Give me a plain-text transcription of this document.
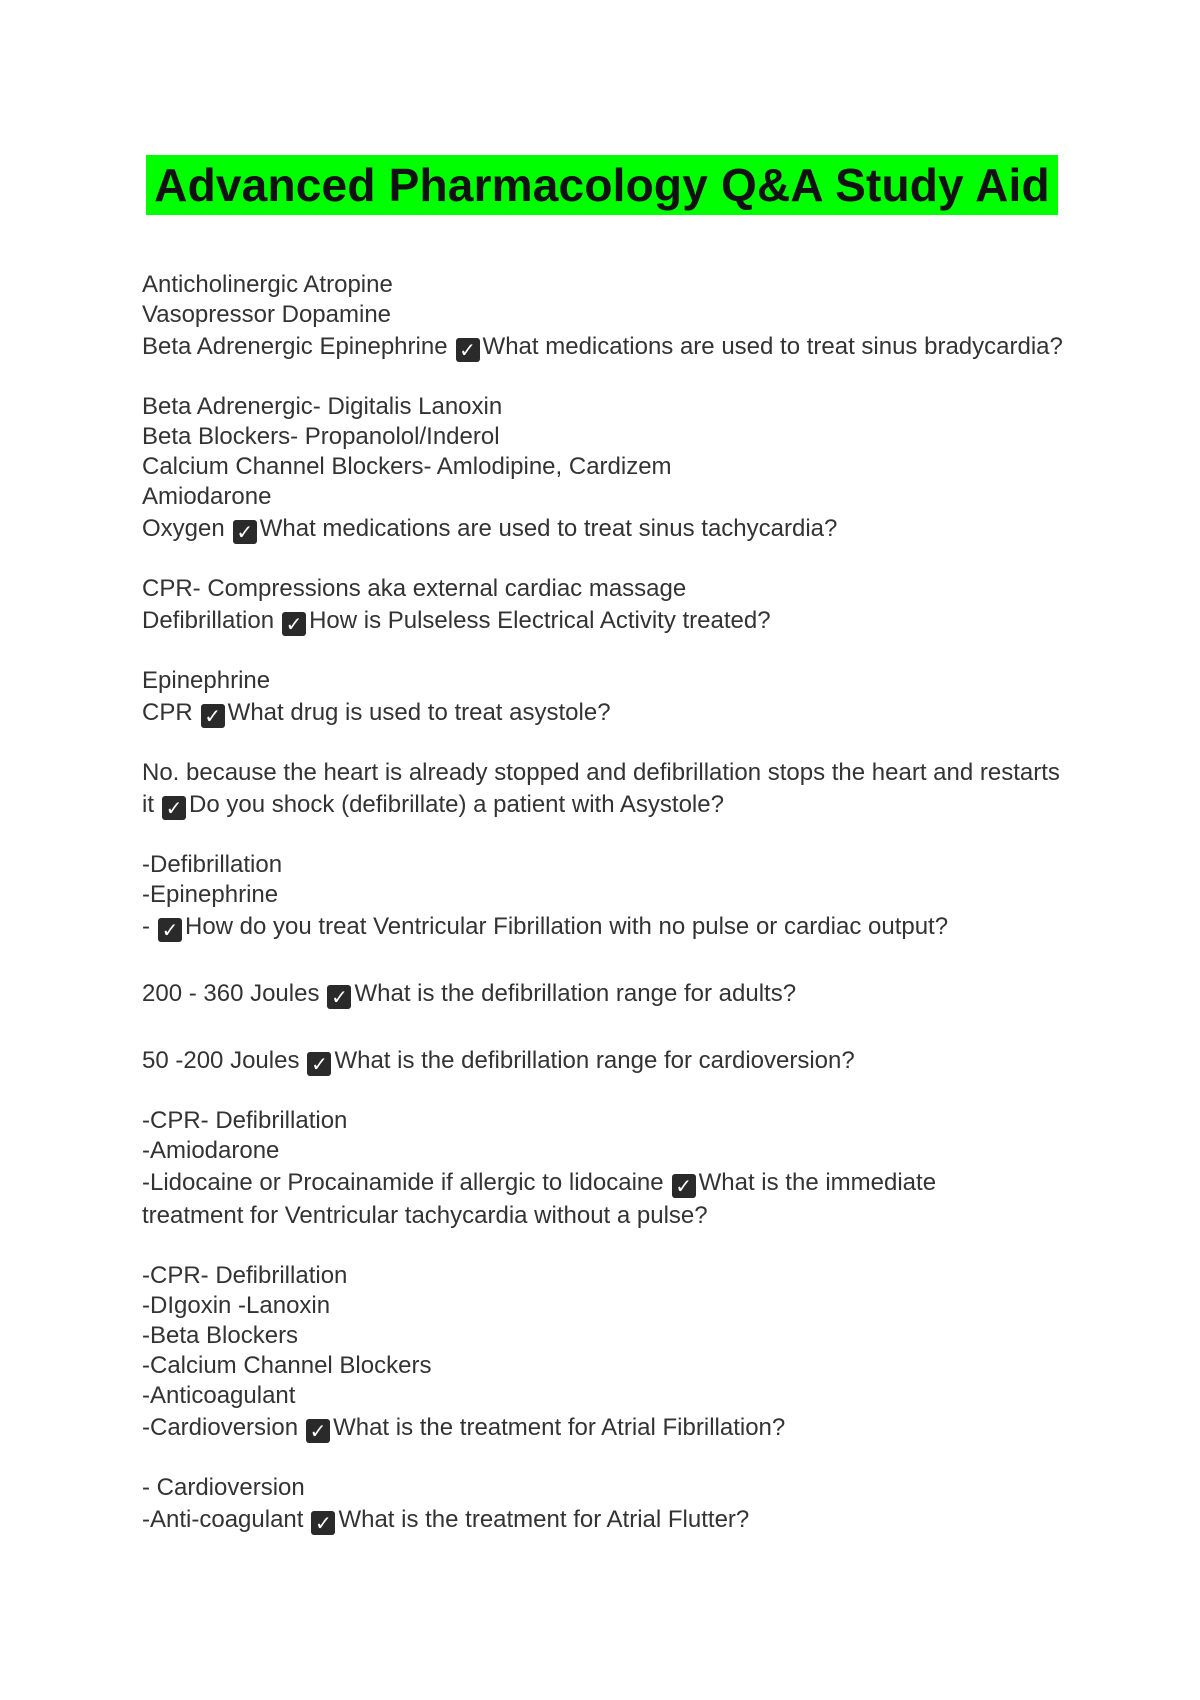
Advanced Pharmacology Q&A Study Aid
Anticholinergic Atropine
Vasopressor Dopamine
Beta Adrenergic Epinephrine ✓ What medications are used to treat sinus bradycardia?
Beta Adrenergic- Digitalis Lanoxin
Beta Blockers- Propanolol/Inderol
Calcium Channel Blockers- Amlodipine, Cardizem
Amiodarone
Oxygen ✓ What medications are used to treat sinus tachycardia?
CPR- Compressions aka external cardiac massage
Defibrillation ✓ How is Pulseless Electrical Activity treated?
Epinephrine
CPR ✓ What drug is used to treat asystole?
No. because the heart is already stopped and defibrillation stops the heart and restarts
it ✓ Do you shock (defibrillate) a patient with Asystole?
-Defibrillation
-Epinephrine
- ✓ How do you treat Ventricular Fibrillation with no pulse or cardiac output?
200 - 360 Joules ✓ What is the defibrillation range for adults?
50 -200 Joules ✓ What is the defibrillation range for cardioversion?
-CPR- Defibrillation
-Amiodarone
-Lidocaine or Procainamide if allergic to lidocaine ✓ What is the immediate treatment for Ventricular tachycardia without a pulse?
-CPR- Defibrillation
-DIgoxin -Lanoxin
-Beta Blockers
-Calcium Channel Blockers
-Anticoagulant
-Cardioversion ✓ What is the treatment for Atrial Fibrillation?
- Cardioversion
-Anti-coagulant ✓ What is the treatment for Atrial Flutter?
